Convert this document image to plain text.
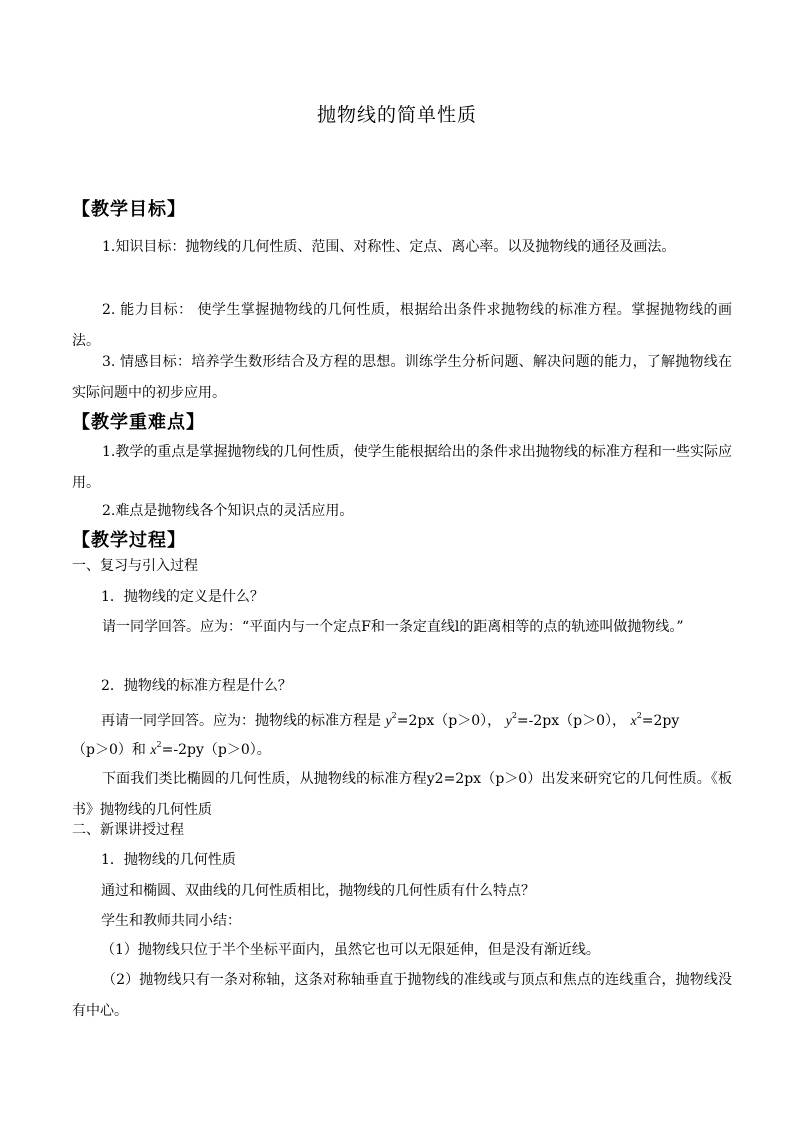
抛物线的简单性质
【教学目标】
1.知识目标：抛物线的几何性质、范围、对称性、定点、离心率。以及抛物线的通径及画法。
2. 能力目标： 使学生掌握抛物线的几何性质，根据给出条件求抛物线的标准方程。掌握抛物线的画法。
3. 情感目标：培养学生数形结合及方程的思想。训练学生分析问题、解决问题的能力，了解抛物线在实际问题中的初步应用。
【教学重难点】
1.教学的重点是掌握抛物线的几何性质，使学生能根据给出的条件求出抛物线的标准方程和一些实际应用。
2.难点是抛物线各个知识点的灵活应用。
【教学过程】
一、复习与引入过程
1．抛物线的定义是什么？
请一同学回答。应为：“平面内与一个定点F和一条定直线l的距离相等的点的轨迹叫做抛物线。”
2．抛物线的标准方程是什么？
再请一同学回答。应为：抛物线的标准方程是 $y^2=2px(p>0)$， $y^2=-2px(p>0)$， $x^2=2py$
（p＞0）和 $x^2=-2py(p>0)$。
下面我们类比椭圆的几何性质，从抛物线的标准方程y2=2px（p＞0）出发来研究它的几何性质。《板书》抛物线的几何性质
二、新课讲授过程
1．抛物线的几何性质
通过和椭圆、双曲线的几何性质相比，抛物线的几何性质有什么特点？
学生和教师共同小结：
（1）抛物线只位于半个坐标平面内，虽然它也可以无限延伸，但是没有渐近线。
（2）抛物线只有一条对称轴，这条对称轴垂直于抛物线的准线或与顶点和焦点的连线重合，抛物线没有中心。
